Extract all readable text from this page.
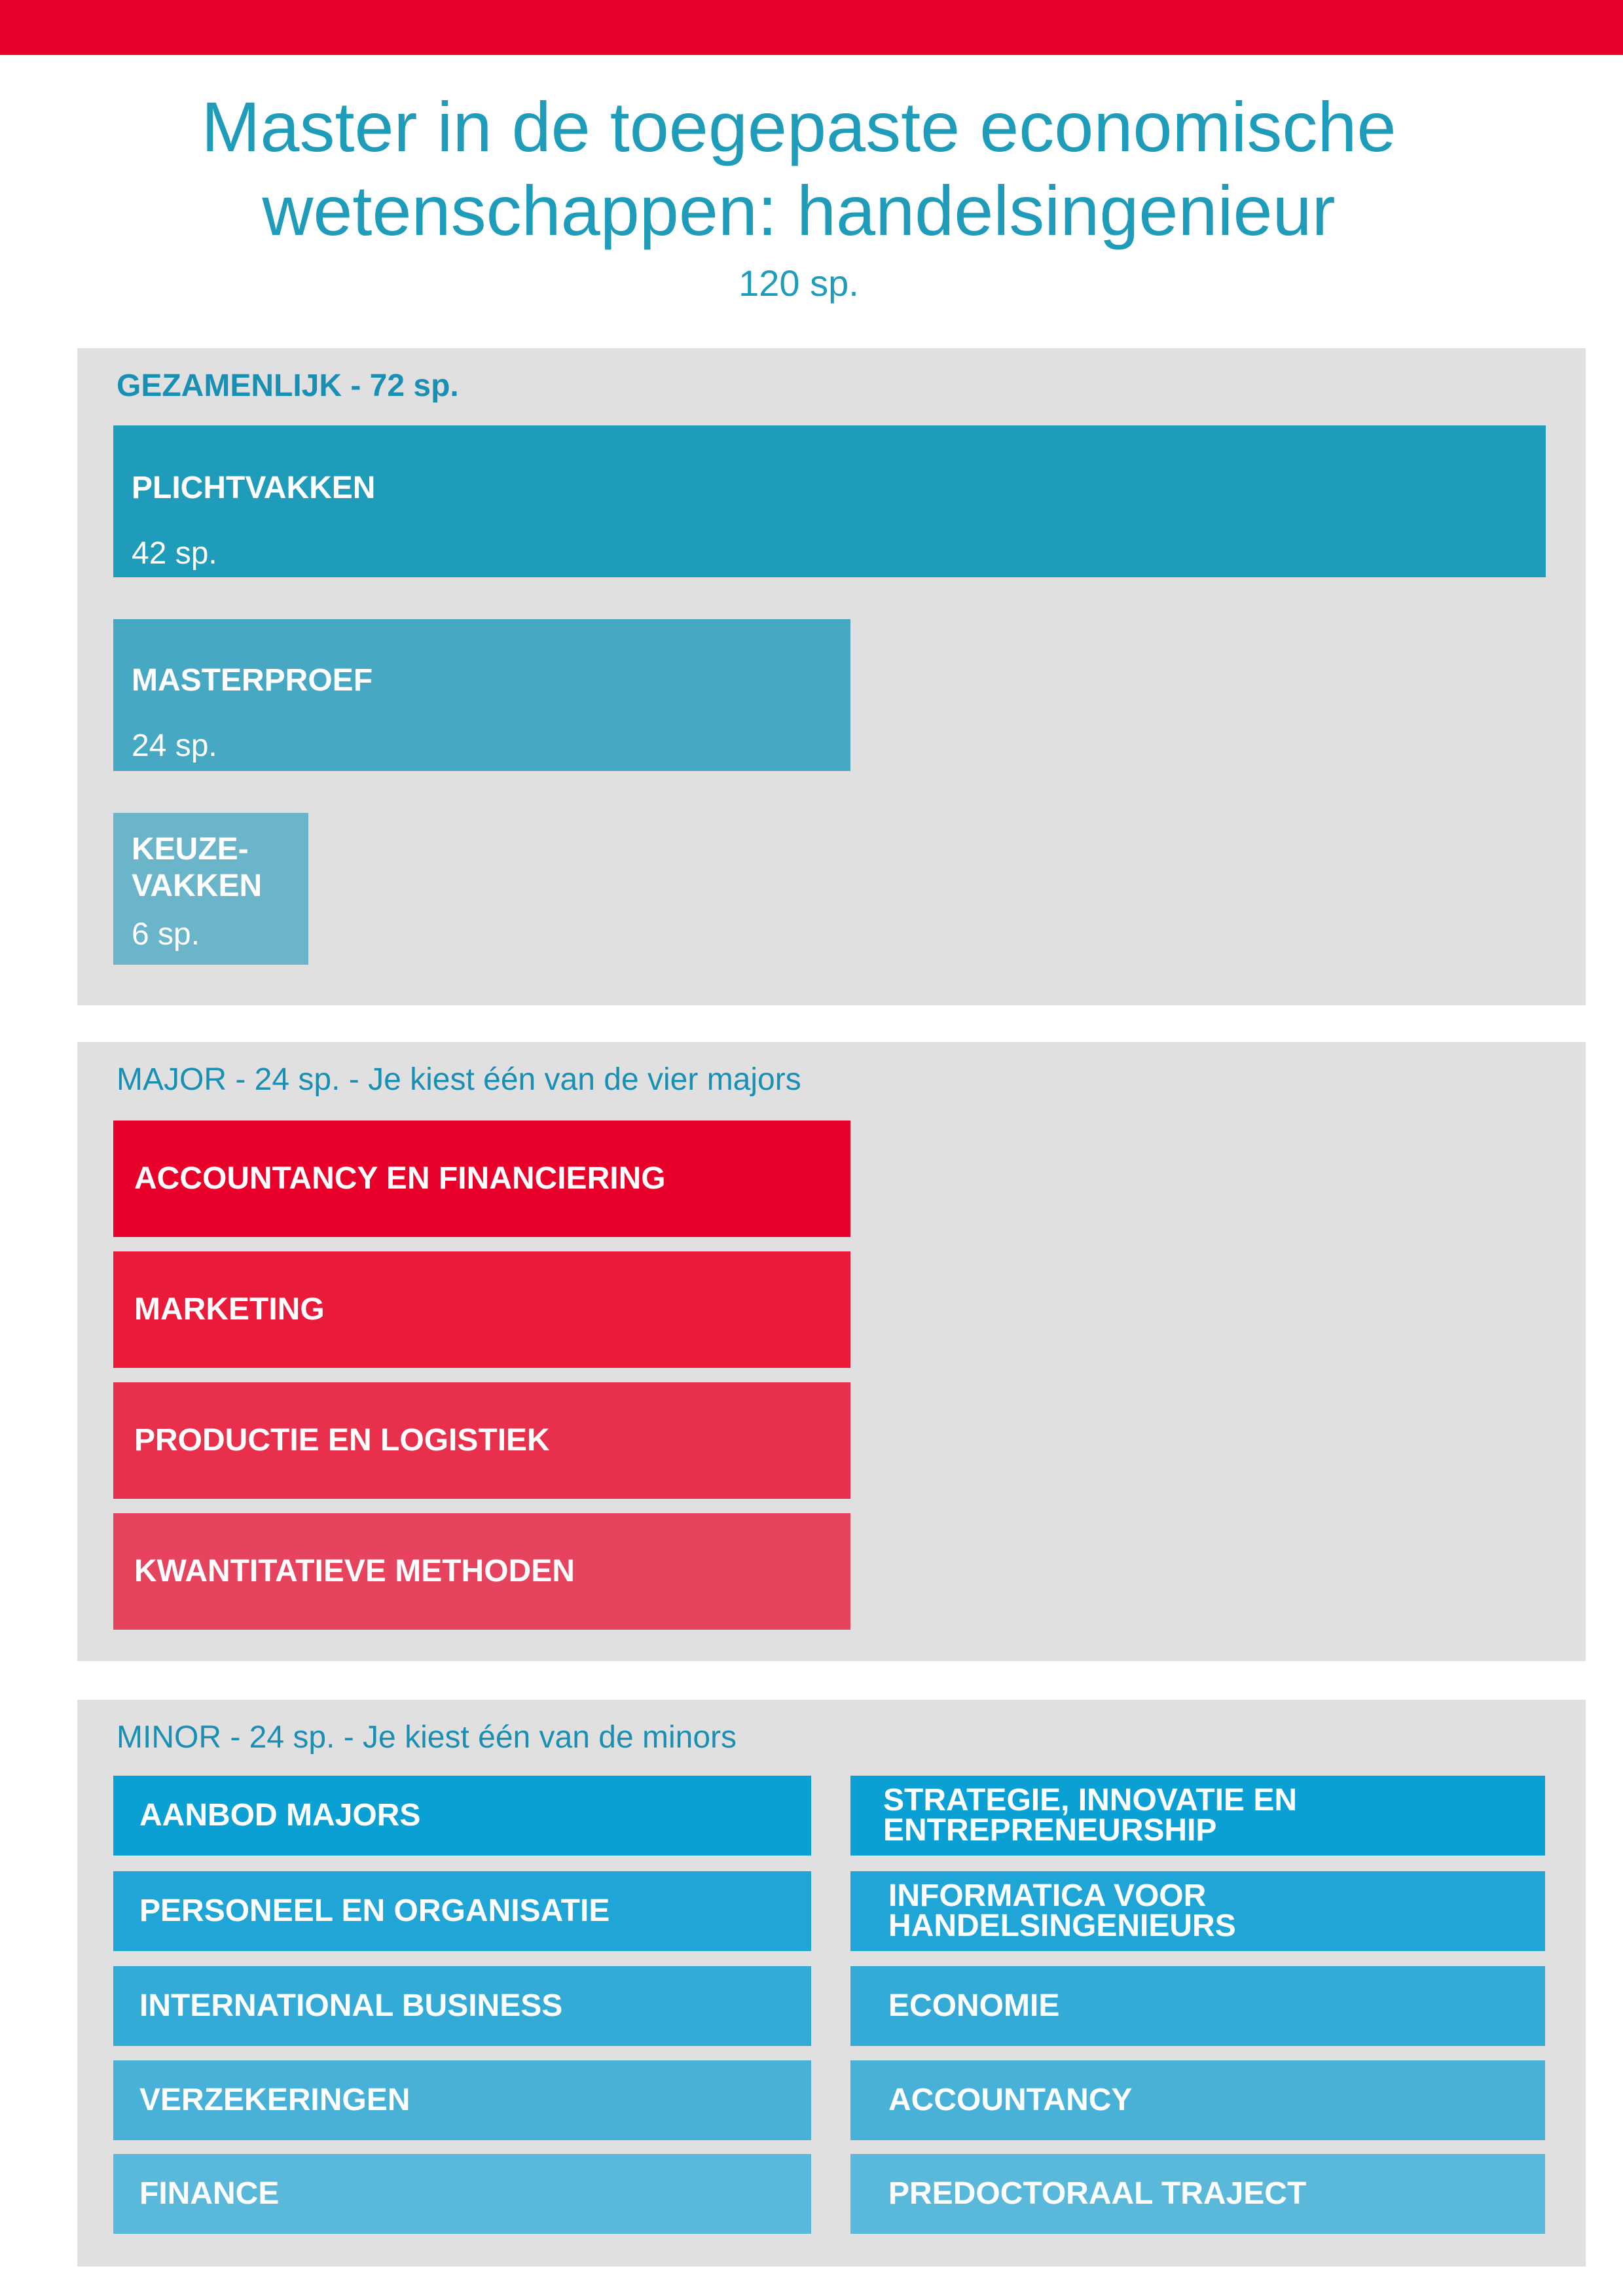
Master in de toegepaste economische
wetenschappen: handelsingenieur
120 sp.
GEZAMENLIJK - 72 sp.
PLICHTVAKKEN
42 sp.
MASTERPROEF
24 sp.
KEUZE-
VAKKEN
6 sp.
MAJOR - 24 sp. - Je kiest één van de vier majors
ACCOUNTANCY EN FINANCIERING
MARKETING
PRODUCTIE EN LOGISTIEK
KWANTITATIEVE METHODEN
MINOR - 24 sp. - Je kiest één van de minors
AANBOD MAJORS
PERSONEEL EN ORGANISATIE
INTERNATIONAL BUSINESS
VERZEKERINGEN
FINANCE
STRATEGIE, INNOVATIE EN
ENTREPRENEURSHIP
INFORMATICA VOOR
HANDELSINGENIEURS
ECONOMIE
ACCOUNTANCY
PREDOCTORAAL TRAJECT
